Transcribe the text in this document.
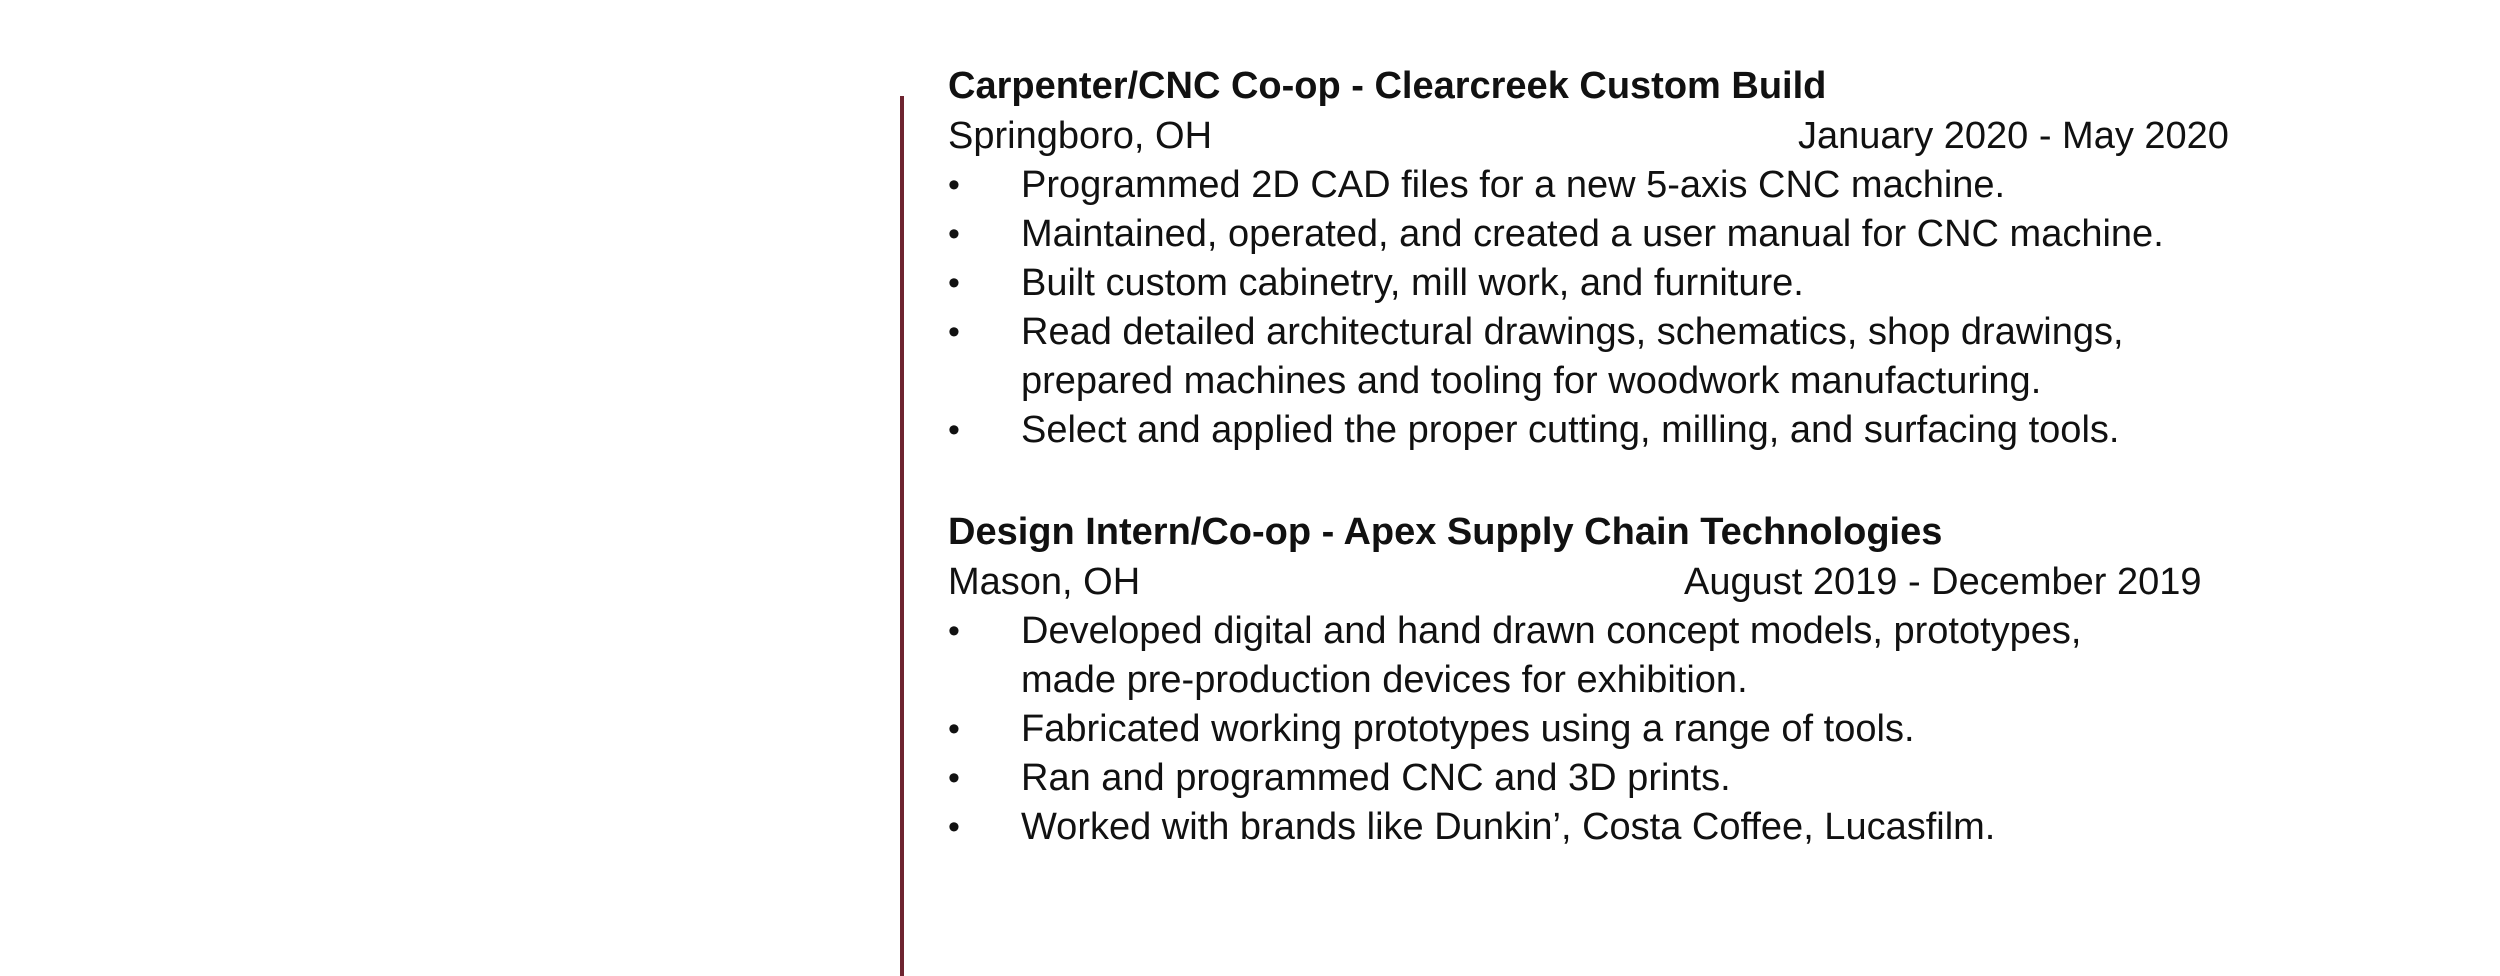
Carpenter/CNC Co-op - Clearcreek Custom Build
Springboro, OH	January 2020 - May 2020
• Programmed 2D CAD files for a new 5-axis CNC machine.
• Maintained, operated, and created a user manual for CNC machine.
• Built custom cabinetry, mill work, and furniture.
• Read detailed architectural drawings, schematics, shop drawings,
prepared machines and tooling for woodwork manufacturing.
• Select and applied the proper cutting, milling, and surfacing tools.
Design Intern/Co-op - Apex Supply Chain Technologies
Mason, OH	August 2019 - December 2019
• Developed digital and hand drawn concept models, prototypes,
made pre-production devices for exhibition.
• Fabricated working prototypes using a range of tools.
• Ran and programmed CNC and 3D prints.
• Worked with brands like Dunkin’, Costa Coffee, Lucasfilm.
